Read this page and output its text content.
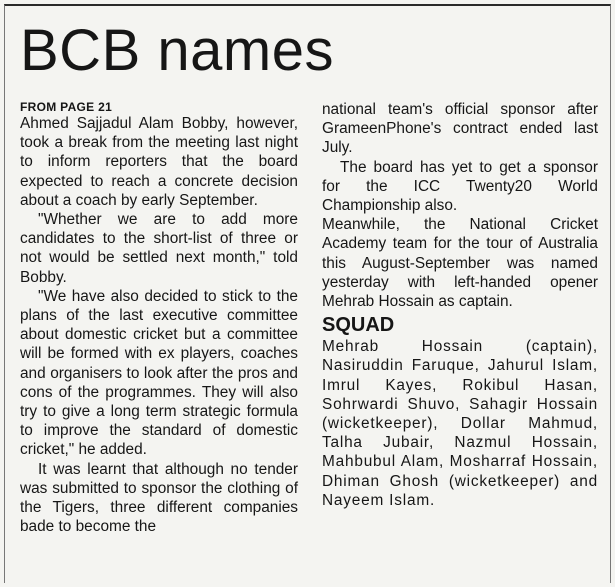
BCB names
FROM PAGE 21
Ahmed Sajjadul Alam Bobby, however, took a break from the meeting last night to inform reporters that the board expected to reach a concrete decision about a coach by early September.
"Whether we are to add more candidates to the short-list of three or not would be settled next month," told Bobby.
"We have also decided to stick to the plans of the last executive committee about domestic cricket but a committee will be formed with ex players, coaches and organisers to look after the pros and cons of the programmes. They will also try to give a long term strategic formula to improve the standard of domestic cricket," he added.
It was learnt that although no tender was submitted to sponsor the clothing of the Tigers, three different companies bade to become the
national team's official sponsor after GrameenPhone's contract ended last July.
The board has yet to get a sponsor for the ICC Twenty20 World Championship also.
Meanwhile, the National Cricket Academy team for the tour of Australia this August-September was named yesterday with left-handed opener Mehrab Hossain as captain.
SQUAD
Mehrab Hossain (captain), Nasiruddin Faruque, Jahurul Islam, Imrul Kayes, Rokibul Hasan, Sohrwardi Shuvo, Sahagir Hossain (wicketkeeper), Dollar Mahmud, Talha Jubair, Nazmul Hossain, Mahbubul Alam, Mosharraf Hossain, Dhiman Ghosh (wicketkeeper) and Nayeem Islam.
